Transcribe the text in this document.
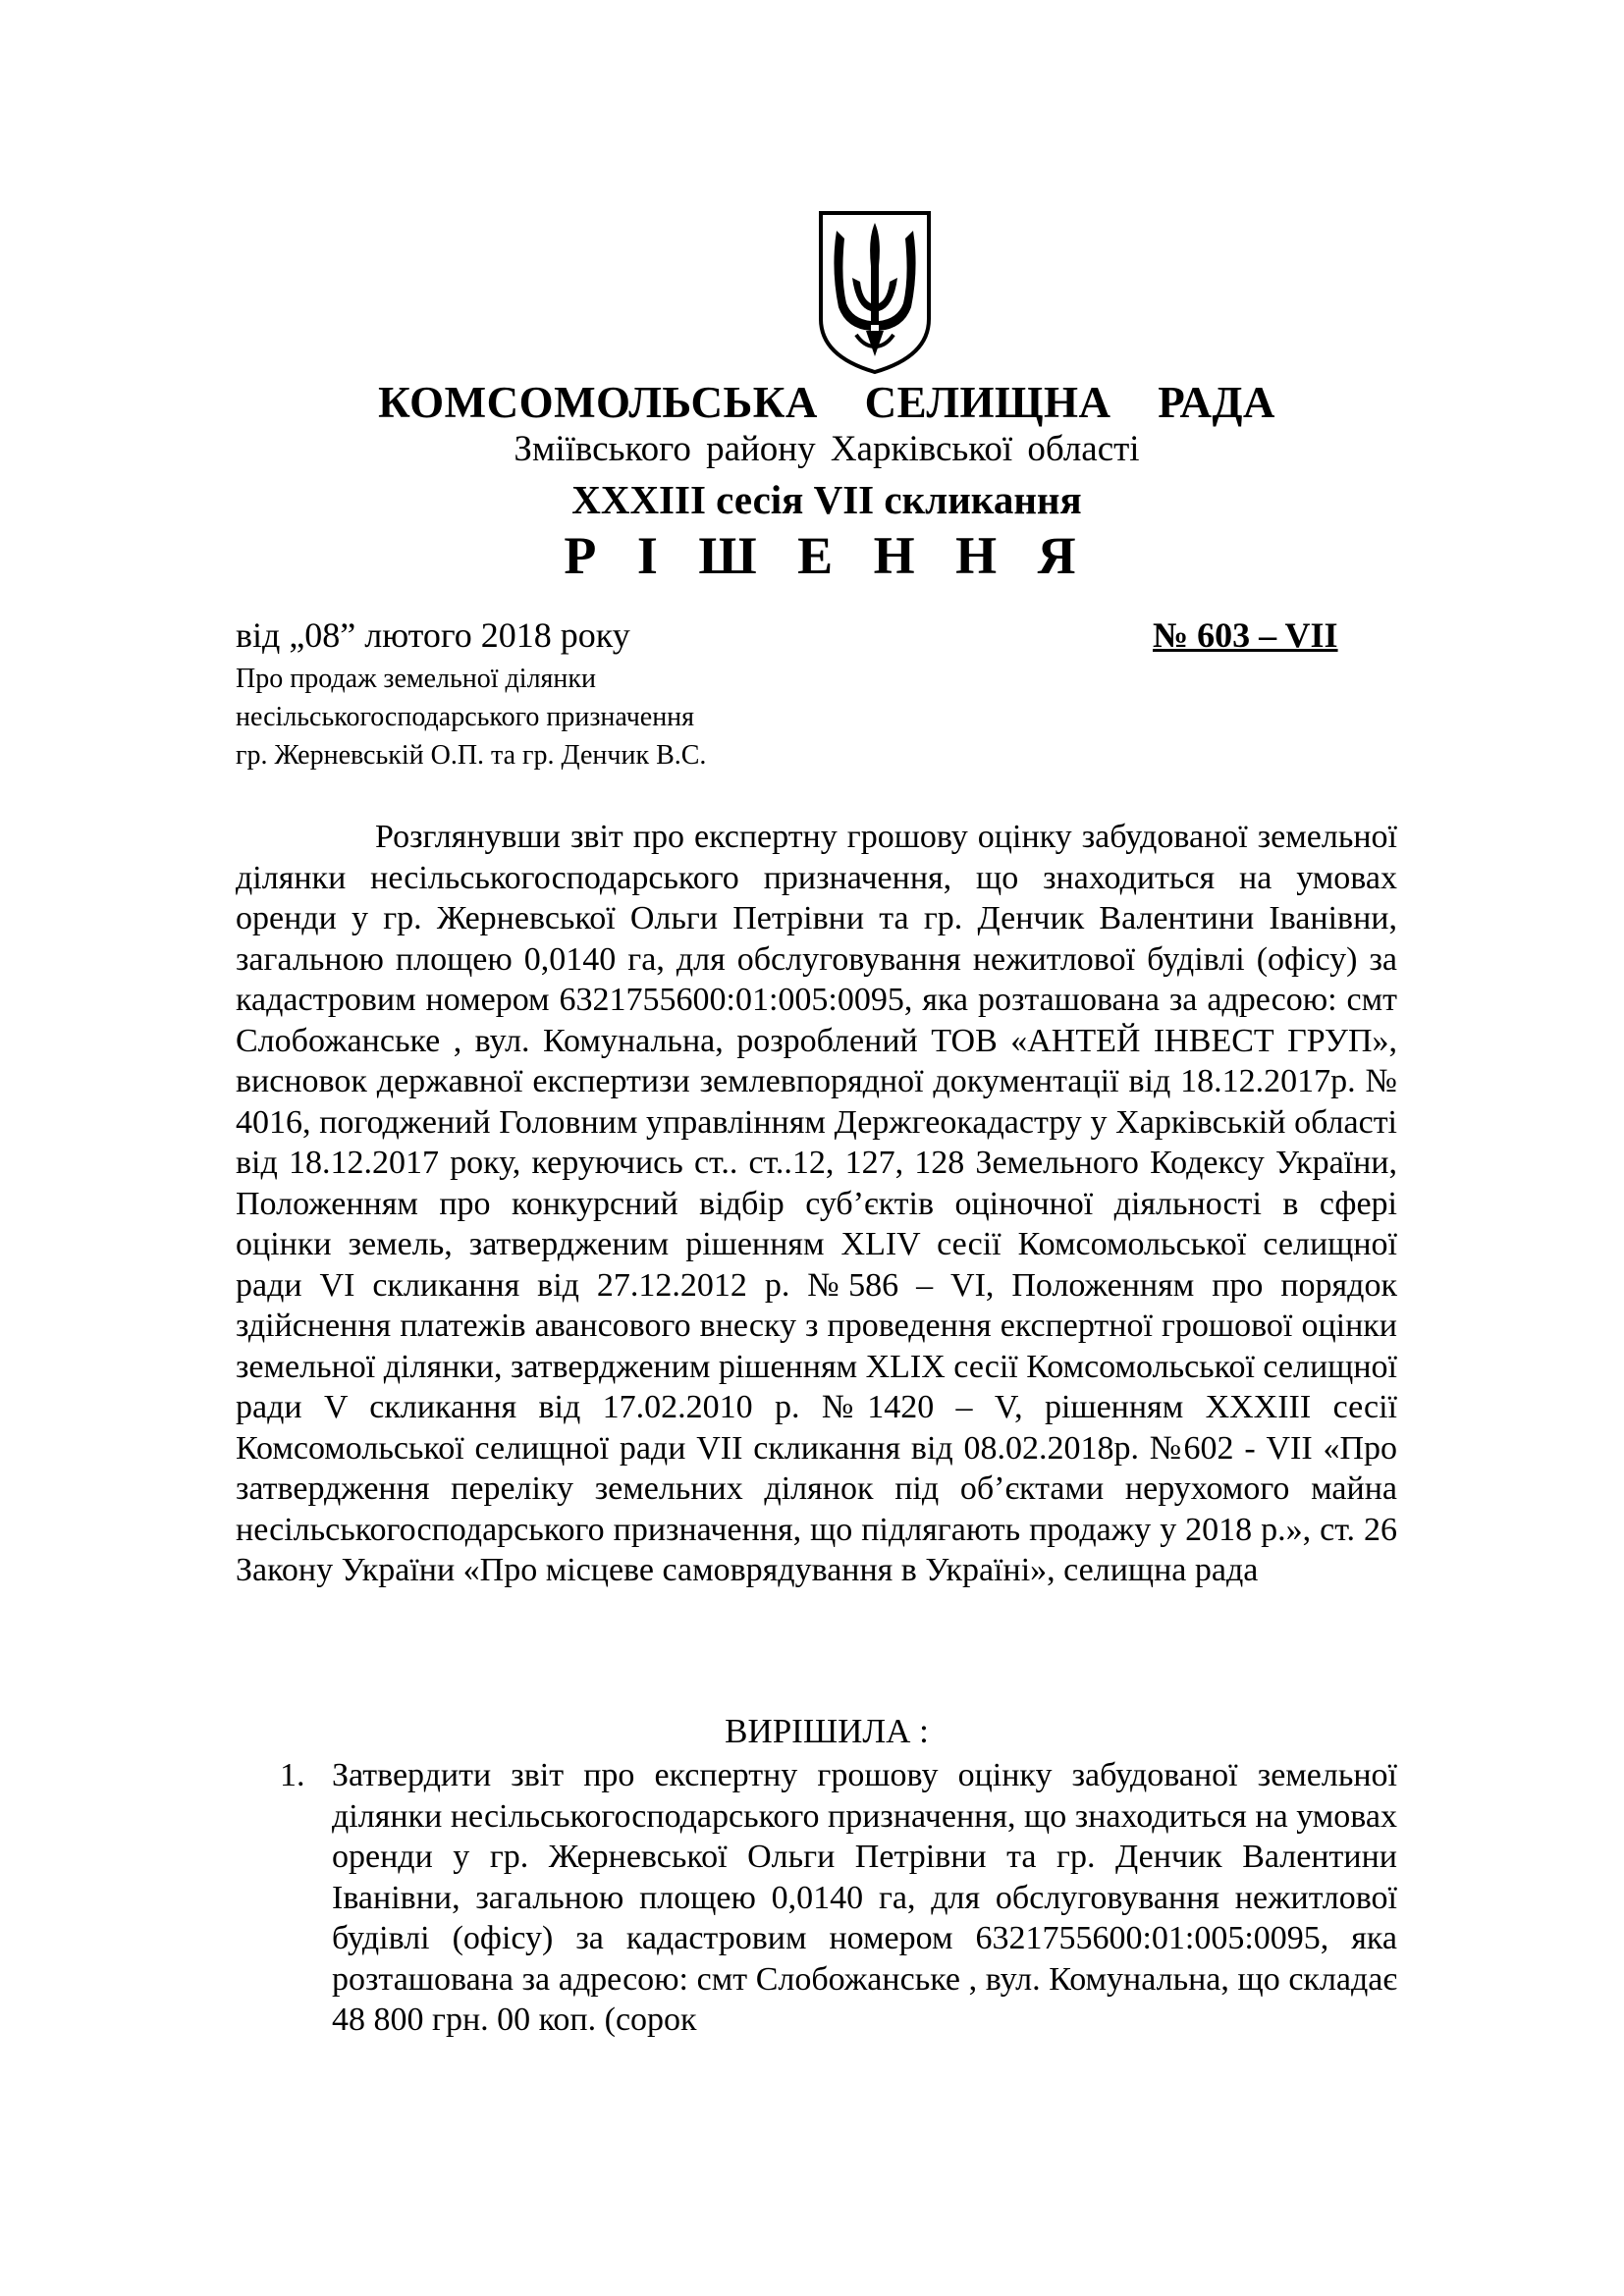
КОМСОМОЛЬСЬКА СЕЛИЩНА РАДА
Зміївського району Харківської області
XXXIII сесія VII скликання
Р І Ш Е Н Н Я
від „08” лютого 2018 року	№ 603 – VII
Про продаж земельної ділянки
несільськогосподарського призначення
гр. Жерневській О.П. та гр. Денчик В.С.
Розглянувши звіт про експертну грошову оцінку забудованої земельної ділянки несільськогосподарського призначення, що знаходиться на умовах оренди у гр. Жерневської Ольги Петрівни та гр. Денчик Валентини Іванівни, загальною площею 0,0140 га, для обслуговування нежитлової будівлі (офісу) за кадастровим номером 6321755600:01:005:0095, яка розташована за адресою: смт Слобожанське , вул. Комунальна, розроблений ТОВ «АНТЕЙ ІНВЕСТ ГРУП», висновок державної експертизи землевпорядної документації від 18.12.2017р. № 4016, погоджений Головним управлінням Держгеокадастру у Харківській області від 18.12.2017 року, керуючись ст.. ст..12, 127, 128 Земельного Кодексу України, Положенням про конкурсний відбір суб’єктів оціночної діяльності в сфері оцінки земель, затвердженим рішенням XLIV сесії Комсомольської селищної ради VI скликання від 27.12.2012 р. №586 – VI, Положенням про порядок здійснення платежів авансового внеску з проведення експертної грошової оцінки земельної ділянки, затвердженим рішенням XLIX сесії Комсомольської селищної ради V скликання від 17.02.2010 р. №1420 – V, рішенням XXXIII сесії Комсомольської селищної ради VII скликання від 08.02.2018р. №602 - VII «Про затвердження переліку земельних ділянок під об’єктами нерухомого майна несільськогосподарського призначення, що підлягають продажу у 2018 р.», ст. 26 Закону України «Про місцеве самоврядування в Україні», селищна рада
ВИРІШИЛА :
1. Затвердити звіт про експертну грошову оцінку забудованої земельної ділянки несільськогосподарського призначення, що знаходиться на умовах оренди у гр. Жерневської Ольги Петрівни та гр. Денчик Валентини Іванівни, загальною площею 0,0140 га, для обслуговування нежитлової будівлі (офісу) за кадастровим номером 6321755600:01:005:0095, яка розташована за адресою: смт Слобожанське , вул. Комунальна, що складає 48 800 грн. 00 коп. (сорок
